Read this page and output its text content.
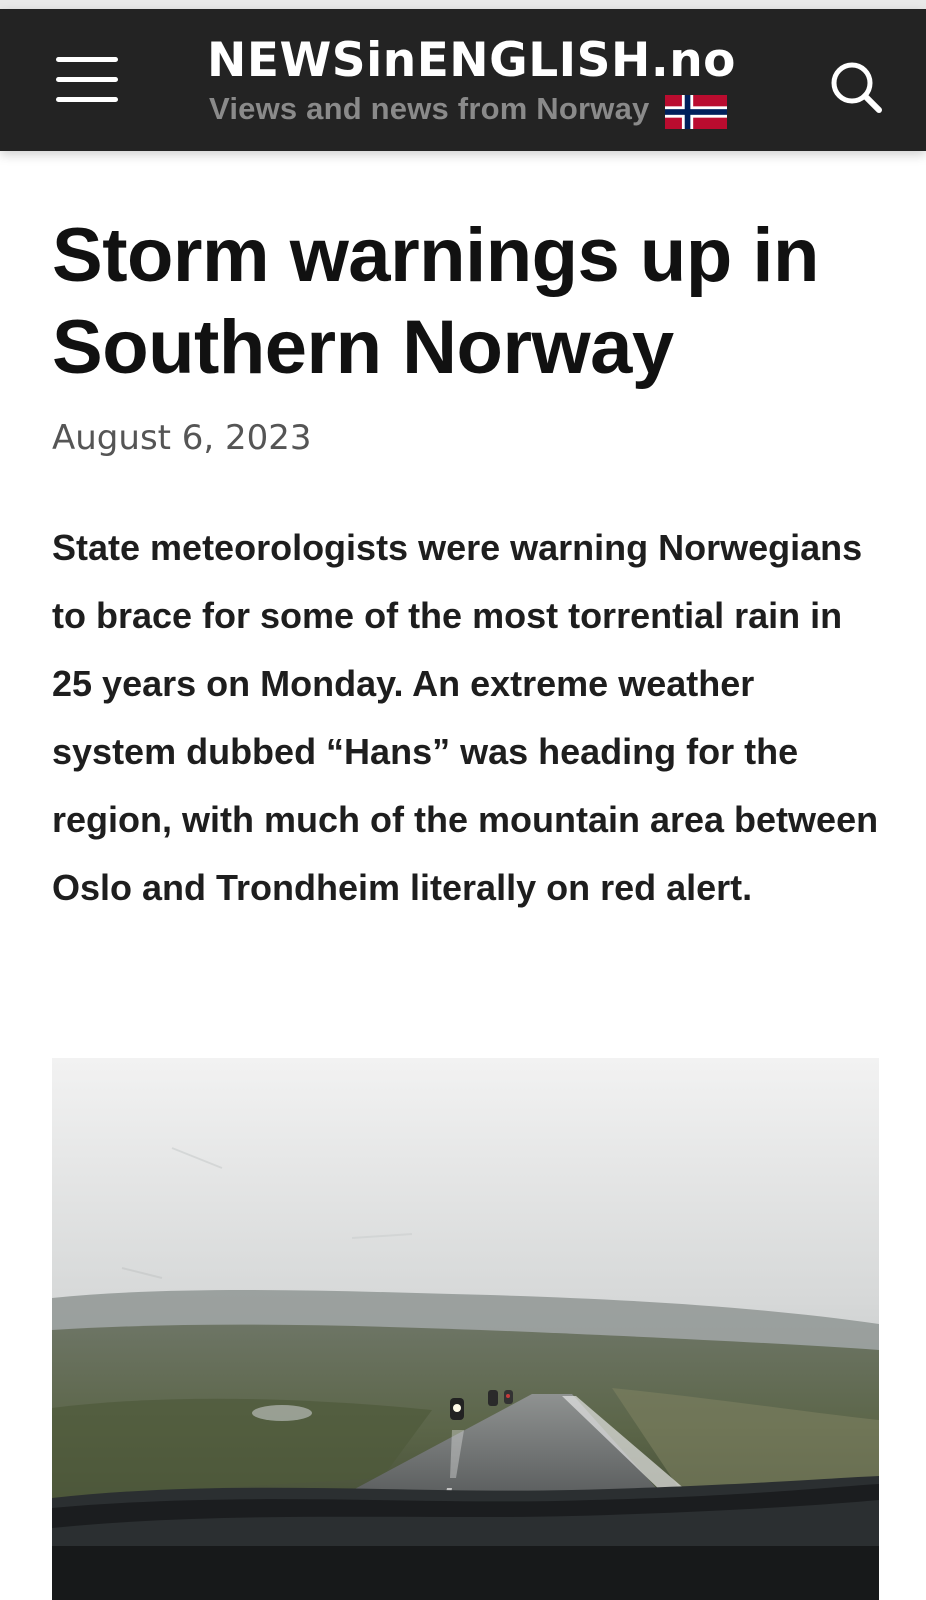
NEWSinENGLISH.no
Views and news from Norway
Storm warnings up in Southern Norway
August 6, 2023

State meteorologists were warning Norwegians to brace for some of the most torrential rain in 25 years on Monday. An extreme weather system dubbed “Hans” was heading for the region, with much of the mountain area between Oslo and Trondheim literally on red alert.
